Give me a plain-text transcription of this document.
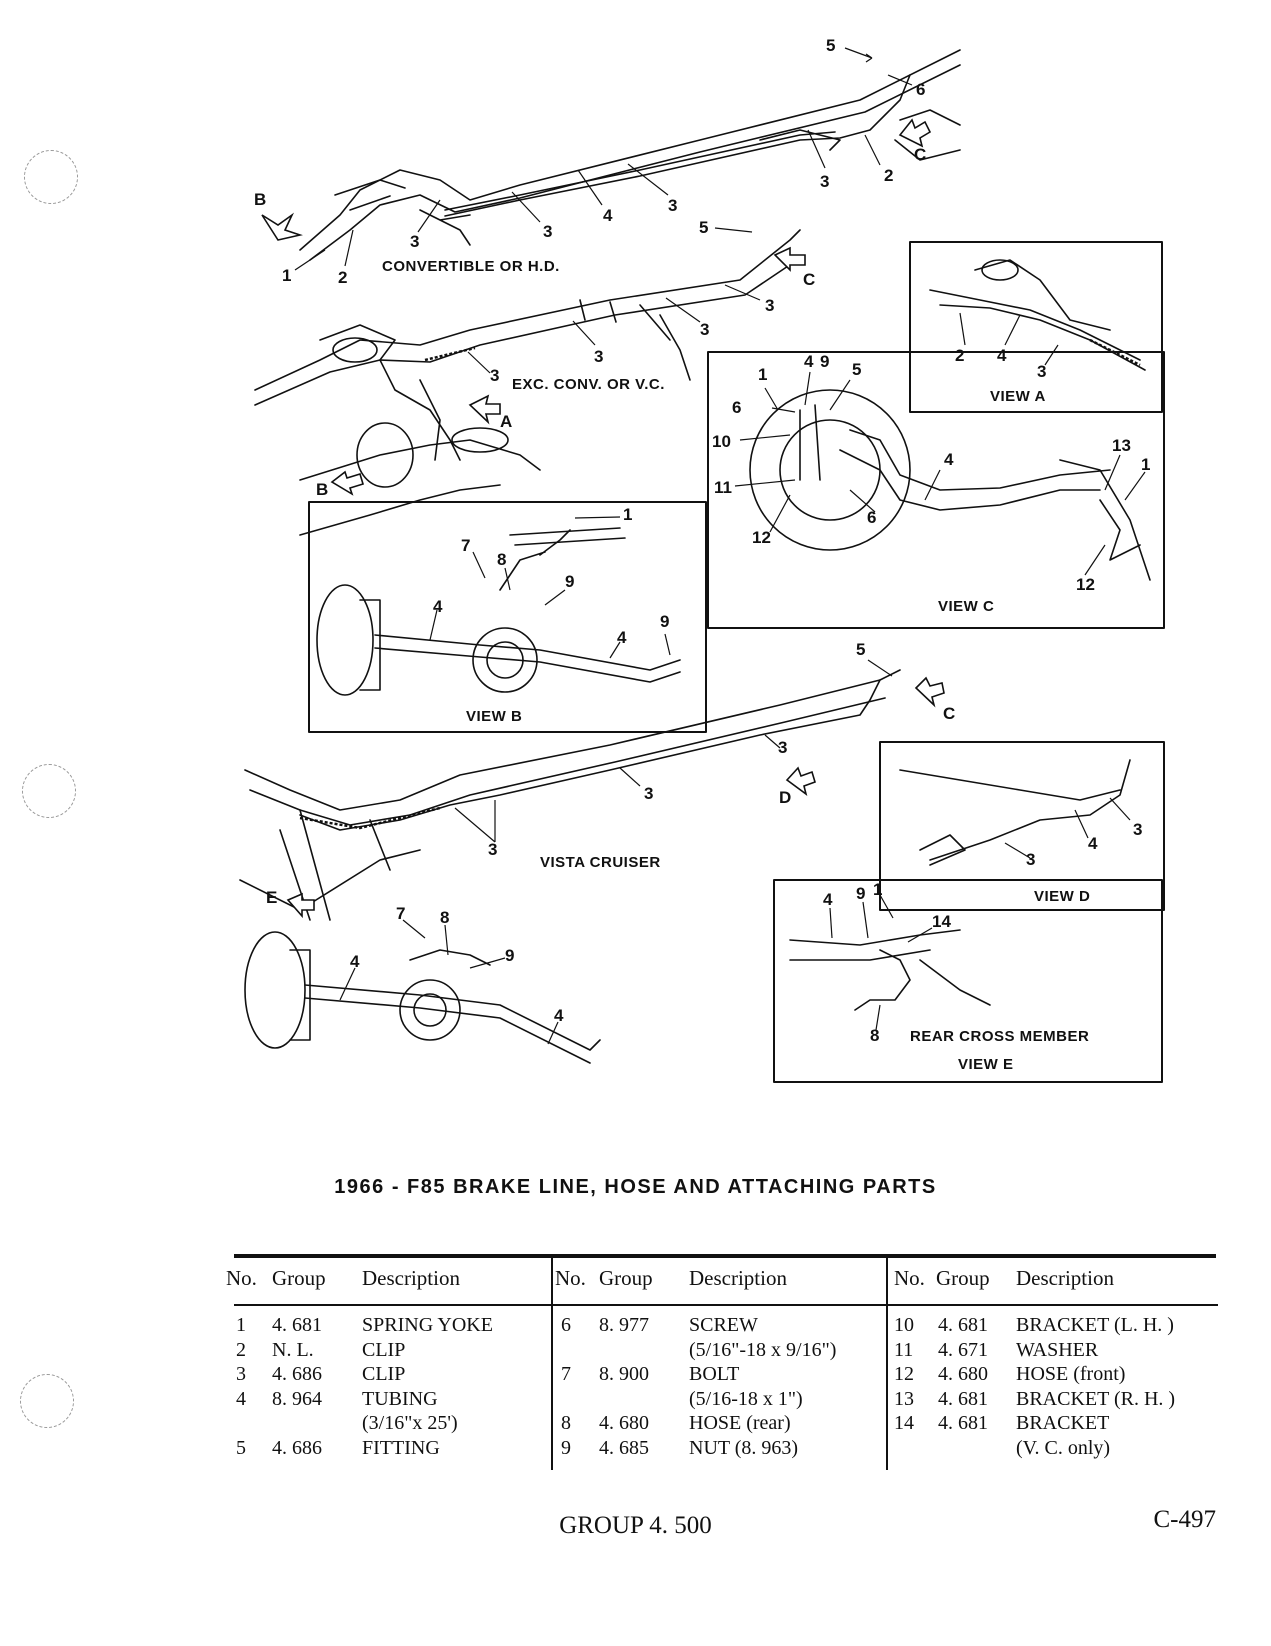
CONVERTIBLE OR H.D.
EXC. CONV. OR V.C.
VIEW A
VIEW C
VIEW B
VISTA CRUISER
VIEW D
REAR CROSS MEMBER
VIEW E
B
C
C
A
B
C
D
E
5
6
2
3
3
4
3
3
1	2
5
3
3
3
3
2 4
3
1
4 9 5
6
10
11
12
6
4
13
1
12
1
7
8
9
4
4
9
5
3
3
3
3
4
3
7 8
9
4
4
4 9 1
14
8
1966 - F85 BRAKE LINE, HOSE AND ATTACHING PARTS
No. Group Description
1 4. 681 SPRING YOKE
2 N. L. CLIP
3 4. 686 CLIP
4 8. 964 TUBING
(3/16"x 25')
5 4. 686 FITTING
No. Group Description
6 8. 977 SCREW
(5/16"-18 x 9/16")
7 8. 900 BOLT
(5/16-18 x 1")
8 4. 680 HOSE (rear)
9 4. 685 NUT (8. 963)
No. Group Description
10 4. 681 BRACKET (L. H. )
11 4. 671 WASHER
12 4. 680 HOSE (front)
13 4. 681 BRACKET (R. H. )
14 4. 681 BRACKET
(V. C. only)
GROUP 4. 500	C-497
